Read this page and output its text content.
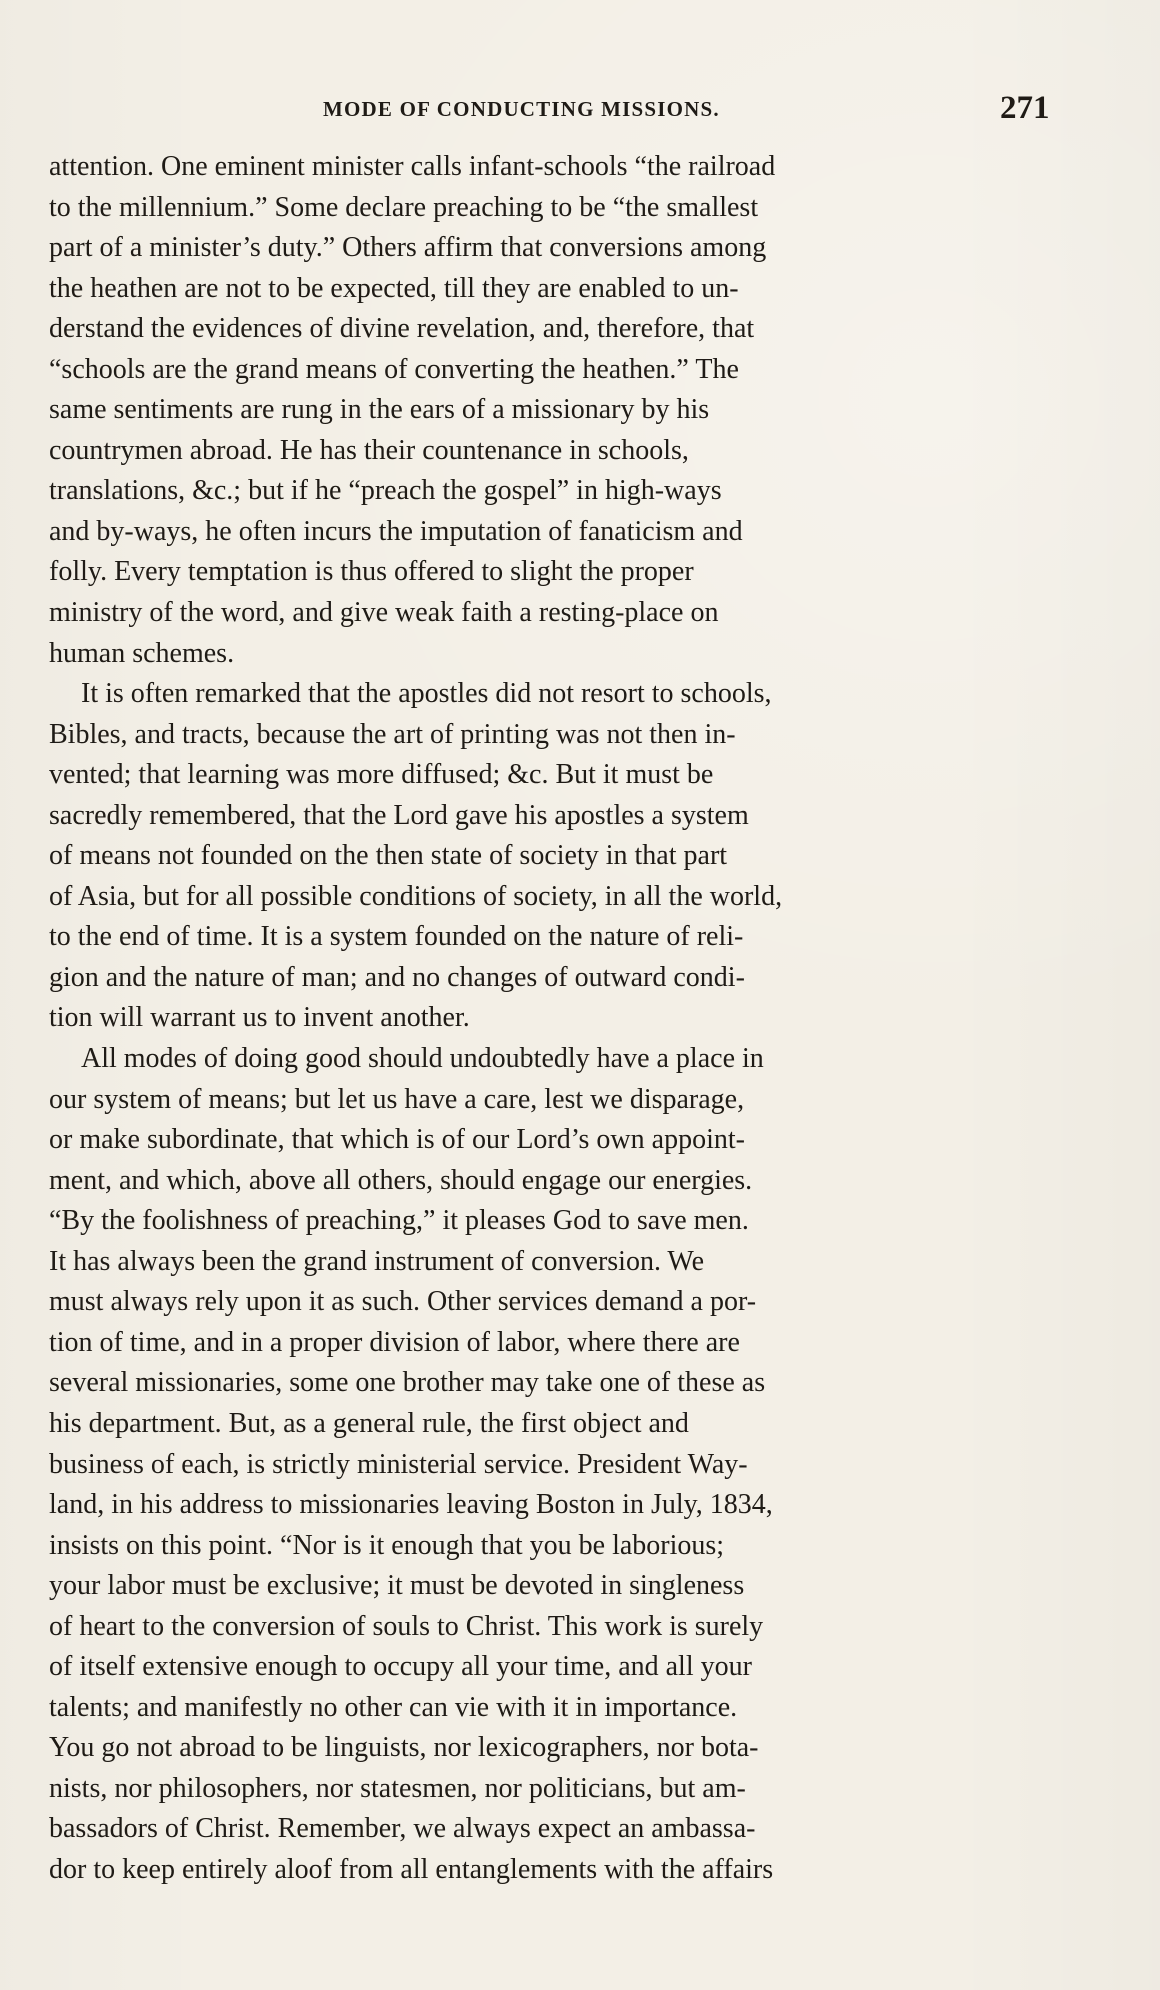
MODE OF CONDUCTING MISSIONS.	271
attention. One eminent minister calls infant-schools “the railroad
to the millennium.” Some declare preaching to be “the smallest
part of a minister’s duty.” Others affirm that conversions among
the heathen are not to be expected, till they are enabled to un-
derstand the evidences of divine revelation, and, therefore, that
“schools are the grand means of converting the heathen.” The
same sentiments are rung in the ears of a missionary by his
countrymen abroad. He has their countenance in schools,
translations, &c.; but if he “preach the gospel” in high-ways
and by-ways, he often incurs the imputation of fanaticism and
folly. Every temptation is thus offered to slight the proper
ministry of the word, and give weak faith a resting-place on
human schemes.
It is often remarked that the apostles did not resort to schools,
Bibles, and tracts, because the art of printing was not then in-
vented; that learning was more diffused; &c. But it must be
sacredly remembered, that the Lord gave his apostles a system
of means not founded on the then state of society in that part
of Asia, but for all possible conditions of society, in all the world,
to the end of time. It is a system founded on the nature of reli-
gion and the nature of man; and no changes of outward condi-
tion will warrant us to invent another.
All modes of doing good should undoubtedly have a place in
our system of means; but let us have a care, lest we disparage,
or make subordinate, that which is of our Lord’s own appoint-
ment, and which, above all others, should engage our energies.
“By the foolishness of preaching,” it pleases God to save men.
It has always been the grand instrument of conversion. We
must always rely upon it as such. Other services demand a por-
tion of time, and in a proper division of labor, where there are
several missionaries, some one brother may take one of these as
his department. But, as a general rule, the first object and
business of each, is strictly ministerial service. President Way-
land, in his address to missionaries leaving Boston in July, 1834,
insists on this point. “Nor is it enough that you be laborious;
your labor must be exclusive; it must be devoted in singleness
of heart to the conversion of souls to Christ. This work is surely
of itself extensive enough to occupy all your time, and all your
talents; and manifestly no other can vie with it in importance.
You go not abroad to be linguists, nor lexicographers, nor bota-
nists, nor philosophers, nor statesmen, nor politicians, but am-
bassadors of Christ. Remember, we always expect an ambassa-
dor to keep entirely aloof from all entanglements with the affairs
